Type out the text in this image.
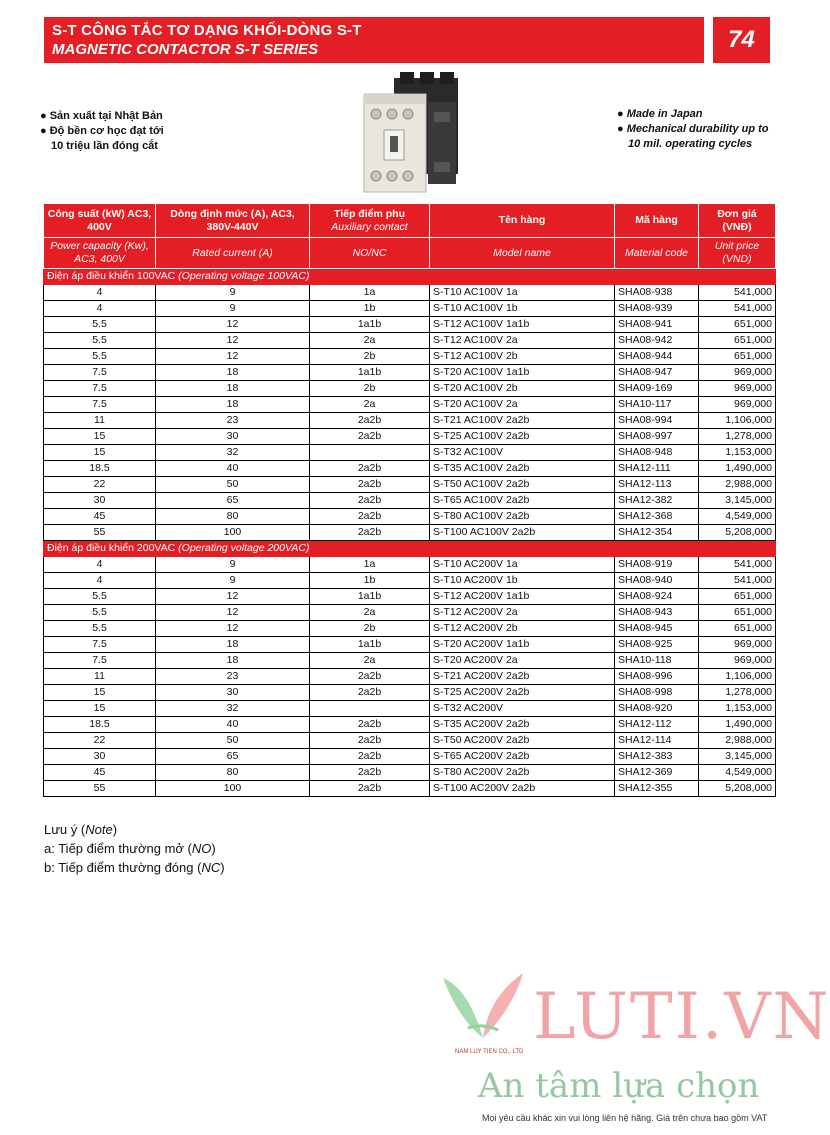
S-T CÔNG TẮC TƠ DẠNG KHỐI-DÒNG S-T
MAGNETIC CONTACTOR S-T SERIES	74
● Sản xuất tại Nhật Bản
● Độ bền cơ học đạt tới
10 triệu lần đóng cắt
● Made in Japan
● Mechanical durability up to
10 mil. operating cycles
Công suất (kW) AC3, 400V	Dòng định mức (A), AC3, 380V-440V	Tiếp điểm phụ
Auxiliary contact	Tên hàng	Mã hàng	Đơn giá (VNĐ)
Power capacity (Kw), AC3, 400V	Rated current (A)	NO/NC	Model name	Material code	Unit price (VND)
Điện áp điều khiển 100VAC (Operating voltage 100VAC)					
4	9	1a	S-T10 AC100V 1a	SHA08-938	541,000
4	9	1b	S-T10 AC100V 1b	SHA08-939	541,000
5.5	12	1a1b	S-T12 AC100V 1a1b	SHA08-941	651,000
5.5	12	2a	S-T12 AC100V 2a	SHA08-942	651,000
5.5	12	2b	S-T12 AC100V 2b	SHA08-944	651,000
7.5	18	1a1b	S-T20 AC100V 1a1b	SHA08-947	969,000
7.5	18	2b	S-T20 AC100V 2b	SHA09-169	969,000
7.5	18	2a	S-T20 AC100V 2a	SHA10-117	969,000
11	23	2a2b	S-T21 AC100V 2a2b	SHA08-994	1,106,000
15	30	2a2b	S-T25 AC100V 2a2b	SHA08-997	1,278,000
15	32		S-T32 AC100V	SHA08-948	1,153,000
18.5	40	2a2b	S-T35 AC100V 2a2b	SHA12-111	1,490,000
22	50	2a2b	S-T50 AC100V 2a2b	SHA12-113	2,988,000
30	65	2a2b	S-T65 AC100V 2a2b	SHA12-382	3,145,000
45	80	2a2b	S-T80 AC100V 2a2b	SHA12-368	4,549,000
55	100	2a2b	S-T100 AC100V 2a2b	SHA12-354	5,208,000
Điện áp điều khiển 200VAC (Operating voltage 200VAC)					
4	9	1a	S-T10 AC200V 1a	SHA08-919	541,000
4	9	1b	S-T10 AC200V 1b	SHA08-940	541,000
5.5	12	1a1b	S-T12 AC200V 1a1b	SHA08-924	651,000
5.5	12	2a	S-T12 AC200V 2a	SHA08-943	651,000
5.5	12	2b	S-T12 AC200V 2b	SHA08-945	651,000
7.5	18	1a1b	S-T20 AC200V 1a1b	SHA08-925	969,000
7.5	18	2a	S-T20 AC200V 2a	SHA10-118	969,000
11	23	2a2b	S-T21 AC200V 2a2b	SHA08-996	1,106,000
15	30	2a2b	S-T25 AC200V 2a2b	SHA08-998	1,278,000
15	32		S-T32 AC200V	SHA08-920	1,153,000
18.5	40	2a2b	S-T35 AC200V 2a2b	SHA12-112	1,490,000
22	50	2a2b	S-T50 AC200V 2a2b	SHA12-114	2,988,000
30	65	2a2b	S-T65 AC200V 2a2b	SHA12-383	3,145,000
45	80	2a2b	S-T80 AC200V 2a2b	SHA12-369	4,549,000
55	100	2a2b	S-T100 AC200V 2a2b	SHA12-355	5,208,000
Lưu ý (Note)
a: Tiếp điểm thường mở (NO)
b: Tiếp điểm thường đóng (NC)
LUTI.VN
NAM LUY TIEN CO., LTD
An tâm lựa chọn
Mọi yêu cầu khác xin vui lòng liên hệ hãng. Giá trên chưa bao gồm VAT
